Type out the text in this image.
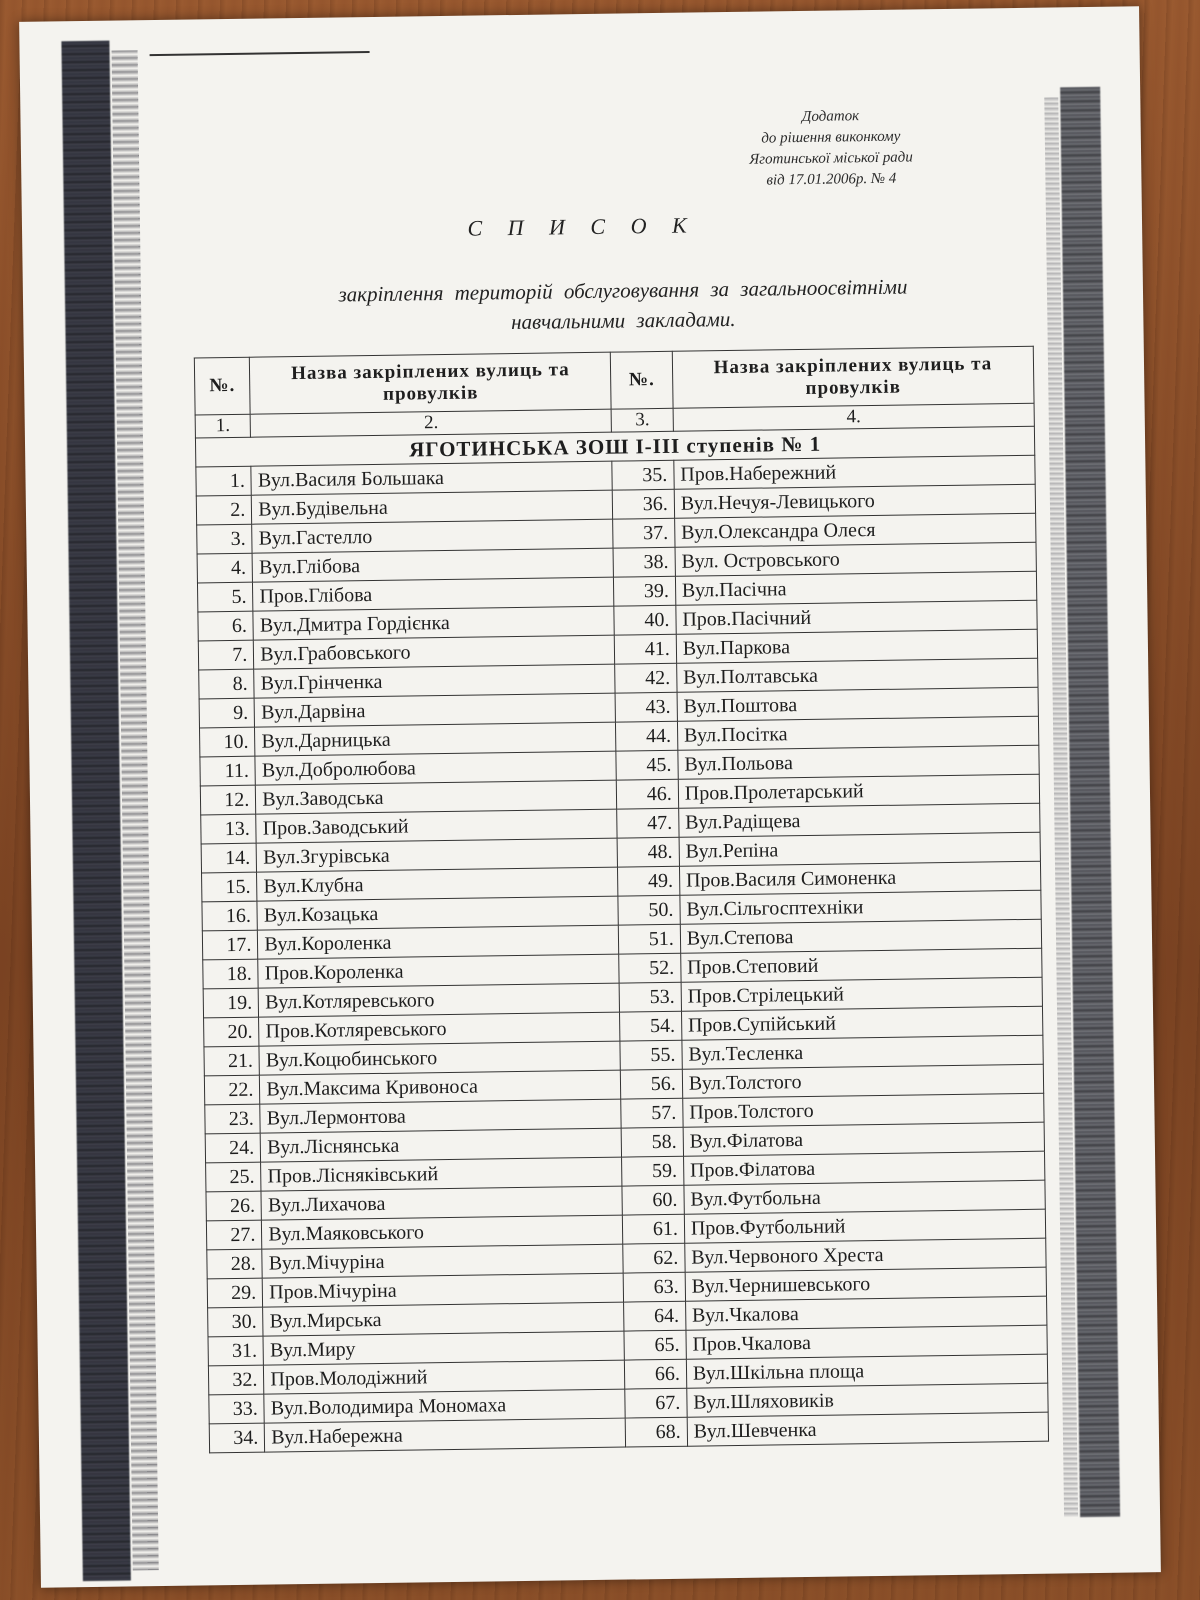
Додаток
до рішення виконкому
Яготинської міської ради
від 17.01.2006р. № 4
С П И С О К
закріплення територій обслуговування за загальноосвітніми
навчальними закладами.
№.	Назва закріплених вулиць та провулків	№.	Назва закріплених вулиць та провулків
1.	2.	3.	4.
ЯГОТИНСЬКА ЗОШ I-III ступенів № 1			
1.	Вул.Василя Большака	35.	Пров.Набережний
2.	Вул.Будівельна	36.	Вул.Нечуя-Левицького
3.	Вул.Гастелло	37.	Вул.Олександра Олеся
4.	Вул.Глібова	38.	Вул. Островського
5.	Пров.Глібова	39.	Вул.Пасічна
6.	Вул.Дмитра Гордієнка	40.	Пров.Пасічний
7.	Вул.Грабовського	41.	Вул.Паркова
8.	Вул.Грінченка	42.	Вул.Полтавська
9.	Вул.Дарвіна	43.	Вул.Поштова
10.	Вул.Дарницька	44.	Вул.Посітка
11.	Вул.Добролюбова	45.	Вул.Польова
12.	Вул.Заводська	46.	Пров.Пролетарський
13.	Пров.Заводський	47.	Вул.Радіщева
14.	Вул.Згурівська	48.	Вул.Репіна
15.	Вул.Клубна	49.	Пров.Василя Симоненка
16.	Вул.Козацька	50.	Вул.Сільгосптехніки
17.	Вул.Короленка	51.	Вул.Степова
18.	Пров.Короленка	52.	Пров.Степовий
19.	Вул.Котляревського	53.	Пров.Стрілецький
20.	Пров.Котляревського	54.	Пров.Супійський
21.	Вул.Коцюбинського	55.	Вул.Тесленка
22.	Вул.Максима Кривоноса	56.	Вул.Толстого
23.	Вул.Лермонтова	57.	Пров.Толстого
24.	Вул.Ліснянська	58.	Вул.Філатова
25.	Пров.Лісняківський	59.	Пров.Філатова
26.	Вул.Лихачова	60.	Вул.Футбольна
27.	Вул.Маяковського	61.	Пров.Футбольний
28.	Вул.Мічуріна	62.	Вул.Червоного Хреста
29.	Пров.Мічуріна	63.	Вул.Чернишевського
30.	Вул.Мирська	64.	Вул.Чкалова
31.	Вул.Миру	65.	Пров.Чкалова
32.	Пров.Молодіжний	66.	Вул.Шкільна площа
33.	Вул.Володимира Мономаха	67.	Вул.Шляховиків
34.	Вул.Набережна	68.	Вул.Шевченка
